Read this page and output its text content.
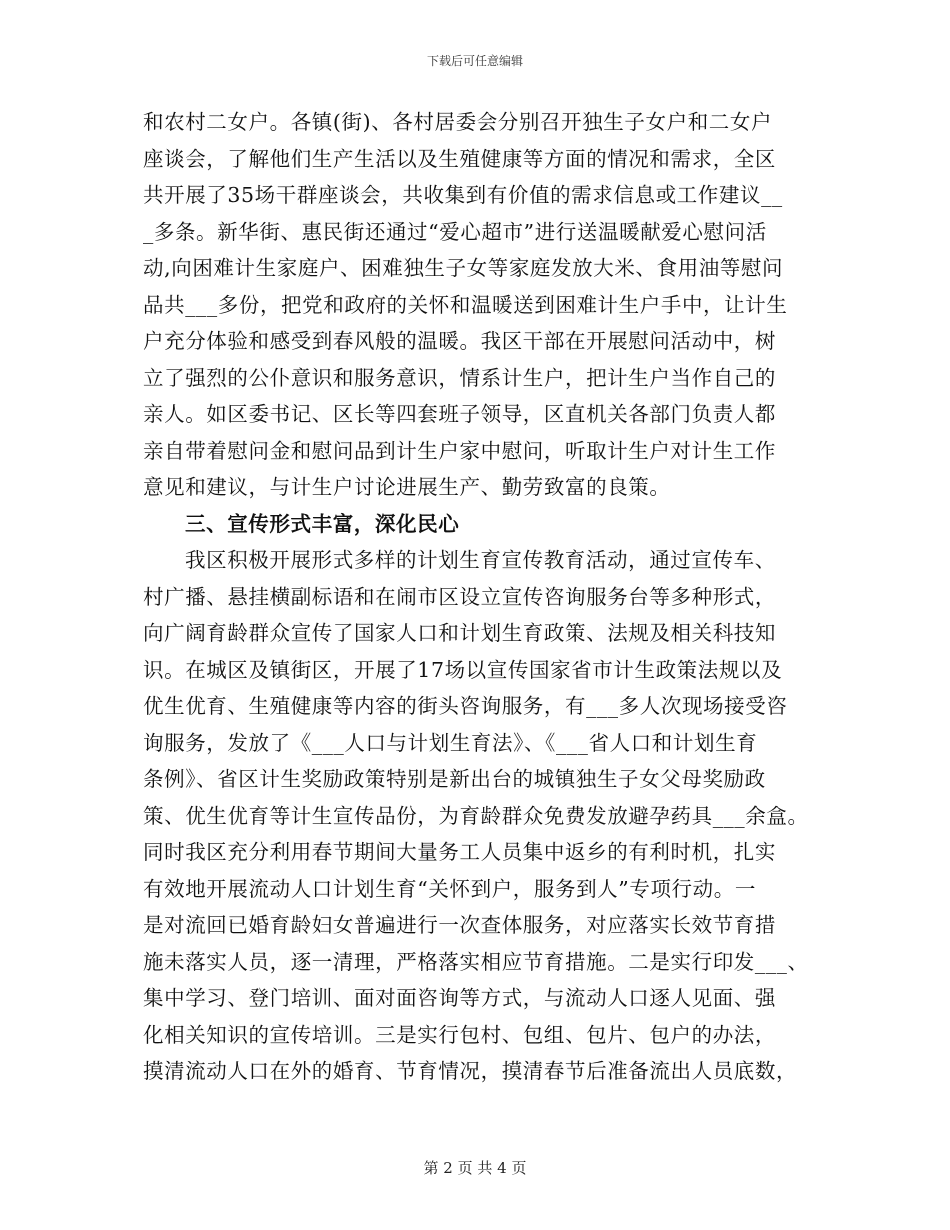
下载后可任意编辑
和农村二女户。各镇(街)、各村居委会分别召开独生子女户和二女户
座谈会，了解他们生产生活以及生殖健康等方面的情况和需求，全区
共开展了35场干群座谈会，共收集到有价值的需求信息或工作建议__
_多条。新华街、惠民街还通过“爱心超市”进行送温暖献爱心慰问活
动,向困难计生家庭户、困难独生子女等家庭发放大米、食用油等慰问
品共___多份，把党和政府的关怀和温暖送到困难计生户手中，让计生
户充分体验和感受到春风般的温暖。我区干部在开展慰问活动中，树
立了强烈的公仆意识和服务意识，情系计生户，把计生户当作自己的
亲人。如区委书记、区长等四套班子领导，区直机关各部门负责人都
亲自带着慰问金和慰问品到计生户家中慰问，听取计生户对计生工作
意见和建议，与计生户讨论进展生产、勤劳致富的良策。
三、宣传形式丰富，深化民心
我区积极开展形式多样的计划生育宣传教育活动，通过宣传车、
村广播、悬挂横副标语和在闹市区设立宣传咨询服务台等多种形式，
向广阔育龄群众宣传了国家人口和计划生育政策、法规及相关科技知
识。在城区及镇街区，开展了17场以宣传国家省市计生政策法规以及
优生优育、生殖健康等内容的街头咨询服务，有___多人次现场接受咨
询服务，发放了《___人口与计划生育法》、《___省人口和计划生育
条例》、省区计生奖励政策特别是新出台的城镇独生子女父母奖励政
策、优生优育等计生宣传品份，为育龄群众免费发放避孕药具___余盒。
同时我区充分利用春节期间大量务工人员集中返乡的有利时机，扎实
有效地开展流动人口计划生育“关怀到户，服务到人”专项行动。一
是对流回已婚育龄妇女普遍进行一次查体服务，对应落实长效节育措
施未落实人员，逐一清理，严格落实相应节育措施。二是实行印发___、
集中学习、登门培训、面对面咨询等方式，与流动人口逐人见面、强
化相关知识的宣传培训。三是实行包村、包组、包片、包户的办法，
摸清流动人口在外的婚育、节育情况，摸清春节后准备流出人员底数，
第 2 页 共 4 页
